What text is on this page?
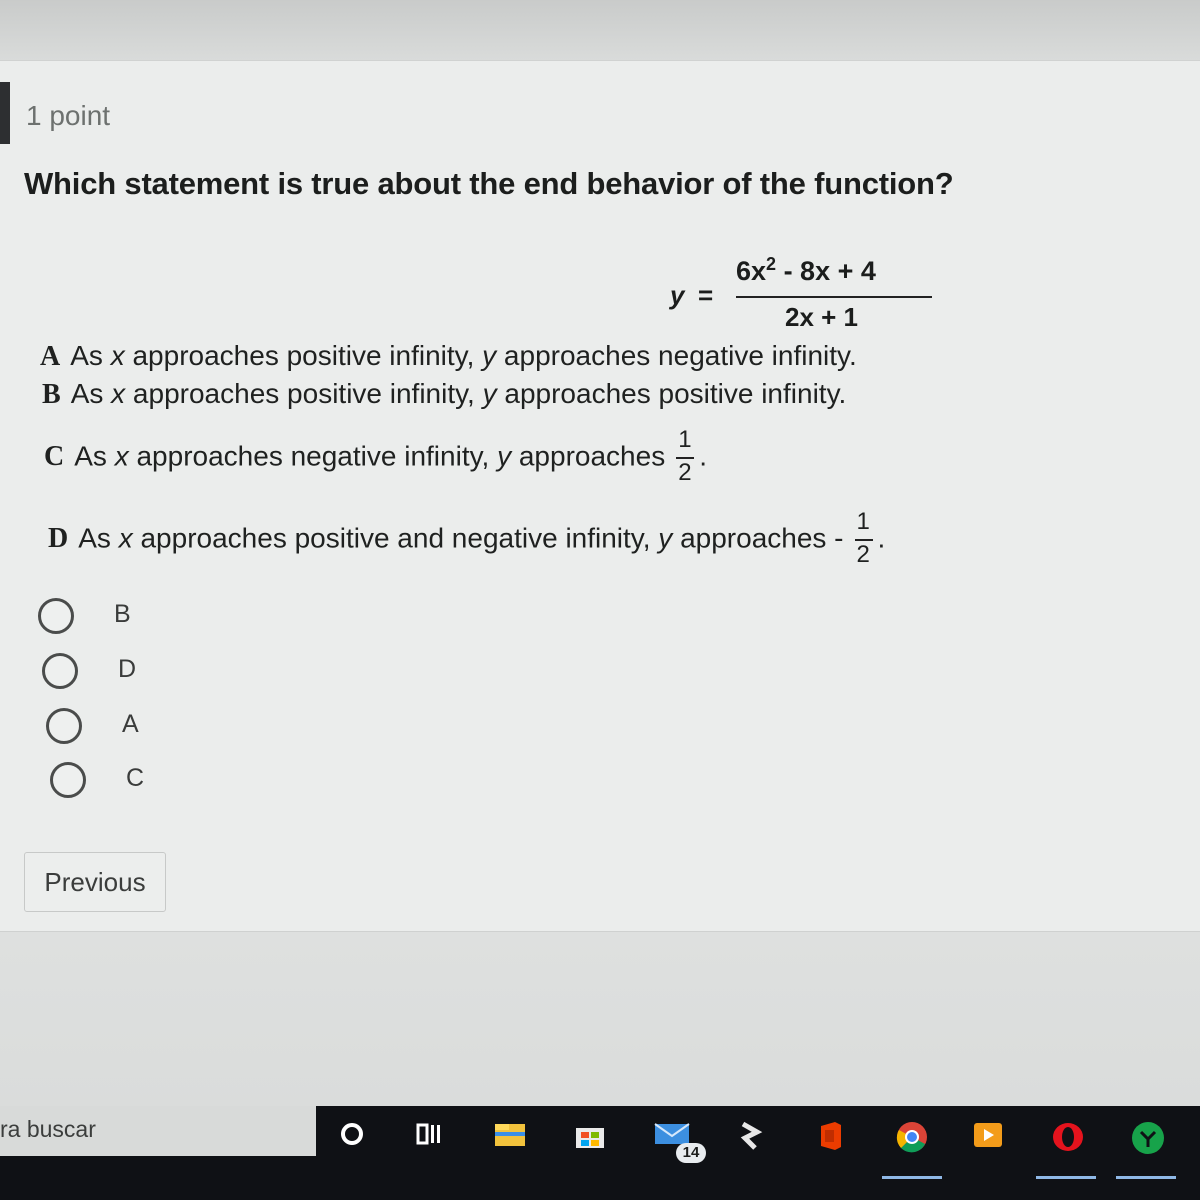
1 point
Which statement is true about the end behavior of the function?
y =
$6x^2 - 8x + 4$
2x + 1
A As x approaches positive infinity, y approaches negative infinity.
B As x approaches positive infinity, y approaches positive infinity.
C As x approaches negative infinity, y approaches $\frac{1}{2}$ .
D As x approaches positive and negative infinity, y approaches - $\frac{1}{2}$ .
B
D
A
C
Previous
ra buscar
14
